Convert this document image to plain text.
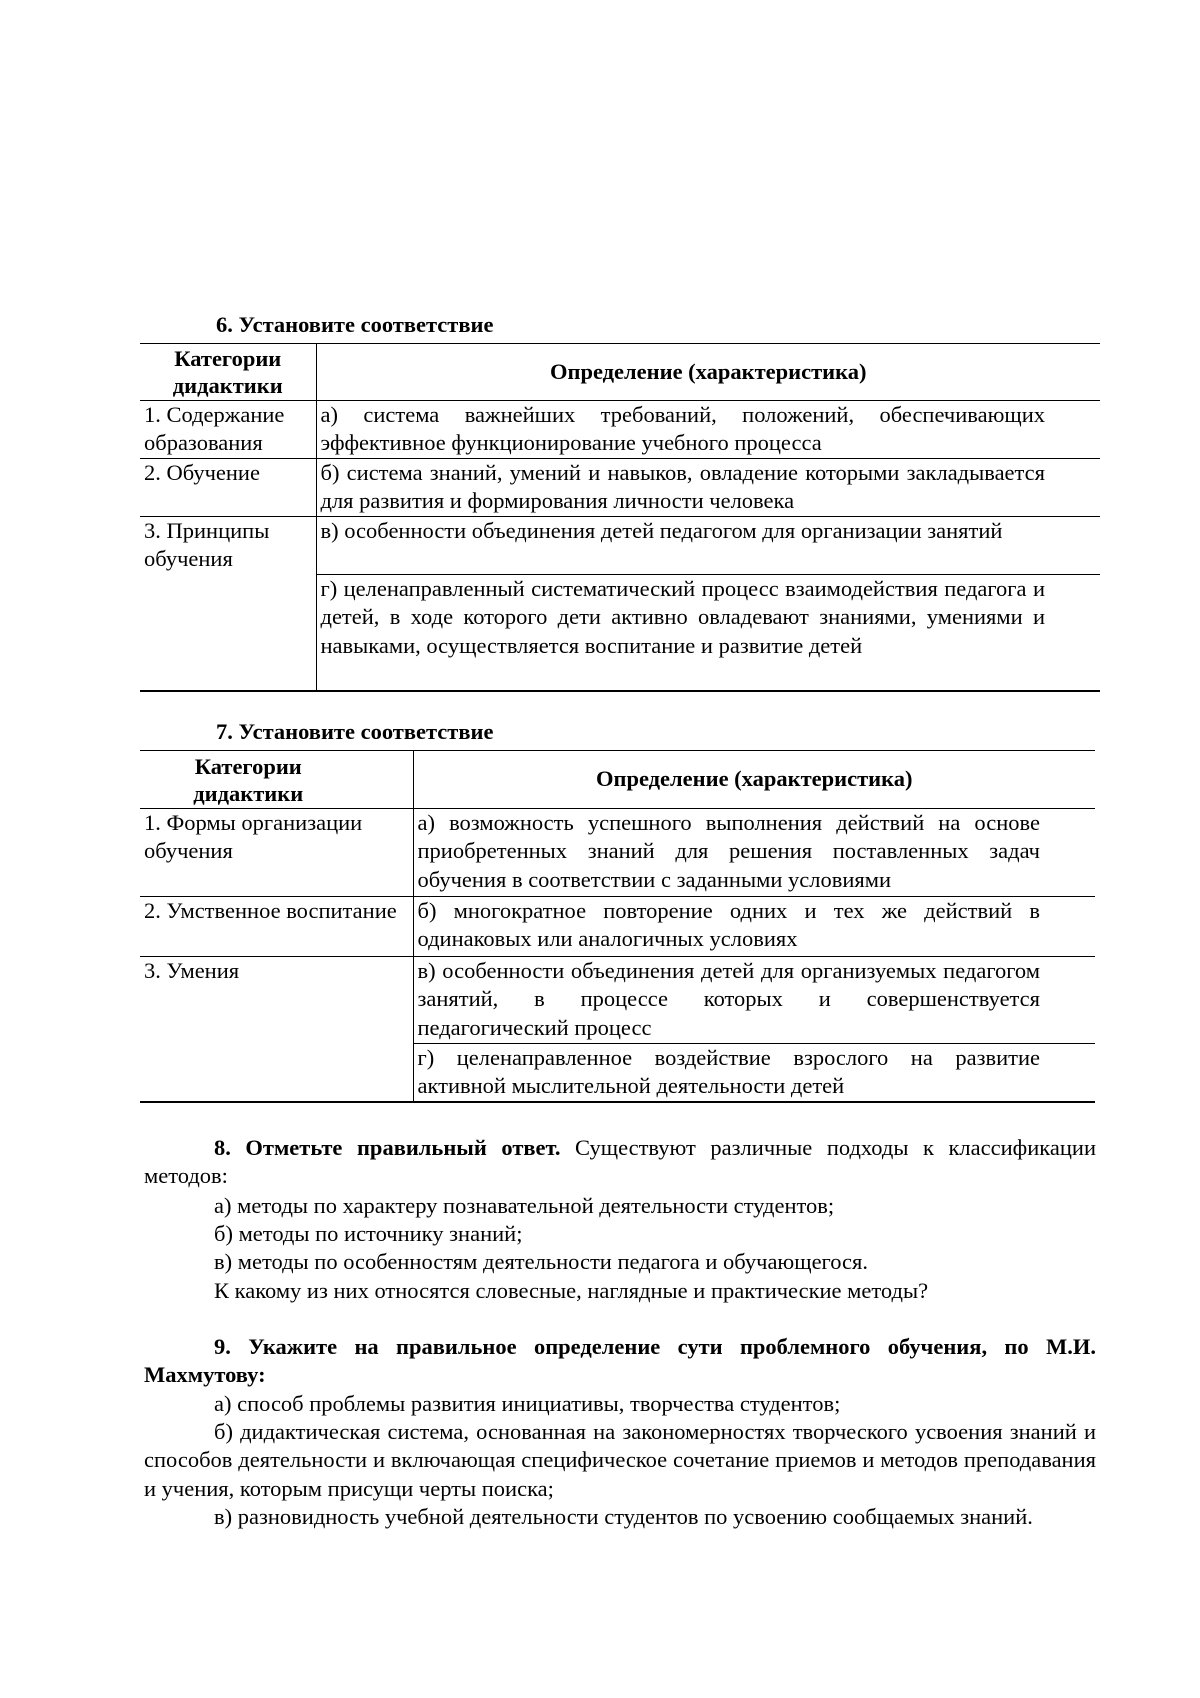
6. Установите соответствие

Категории дидактики	Определение (характеристика)
1. Содержание образования	а) система важнейших требований, положений, обеспечивающих эффективное функционирование учебного процесса
2. Обучение	б) система знаний, умений и навыков, овладение которыми закладывается для развития и формирования личности человека
3. Принципы обучения	в) особенности объединения детей педагогом для организации занятий
	г) целенаправленный систематический процесс взаимодействия педагога и детей, в ходе которого дети активно овладевают знаниями, умениями и навыками, осуществляется воспитание и развитие детей

7. Установите соответствие

Категории дидактики	Определение (характеристика)
1. Формы организации обучения	а) возможность успешного выполнения действий на основе приобретенных знаний для решения поставленных задач обучения в соответствии с заданными условиями
2. Умственное воспитание	б) многократное повторение одних и тех же действий в одинаковых или аналогичных условиях
3. Умения	в) особенности объединения детей для организуемых педагогом занятий, в процессе которых и совершенствуется педагогический процесс
	г) целенаправленное воздействие взрослого на развитие активной мыслительной деятельности детей

8. Отметьте правильный ответ. Существуют различные подходы к классификации методов:

а) методы по характеру познавательной деятельности студентов;

б) методы по источнику знаний;

в) методы по особенностям деятельности педагога и обучающегося.

К какому из них относятся словесные, наглядные и практические методы?

9. Укажите на правильное определение сути проблемного обучения, по М.И. Махмутову:

а) способ проблемы развития инициативы, творчества студентов;

б) дидактическая система, основанная на закономерностях творческого усвоения знаний и способов деятельности и включающая специфическое сочетание приемов и методов преподавания и учения, которым присущи черты поиска;

в) разновидность учебной деятельности студентов по усвоению сообщаемых знаний.
